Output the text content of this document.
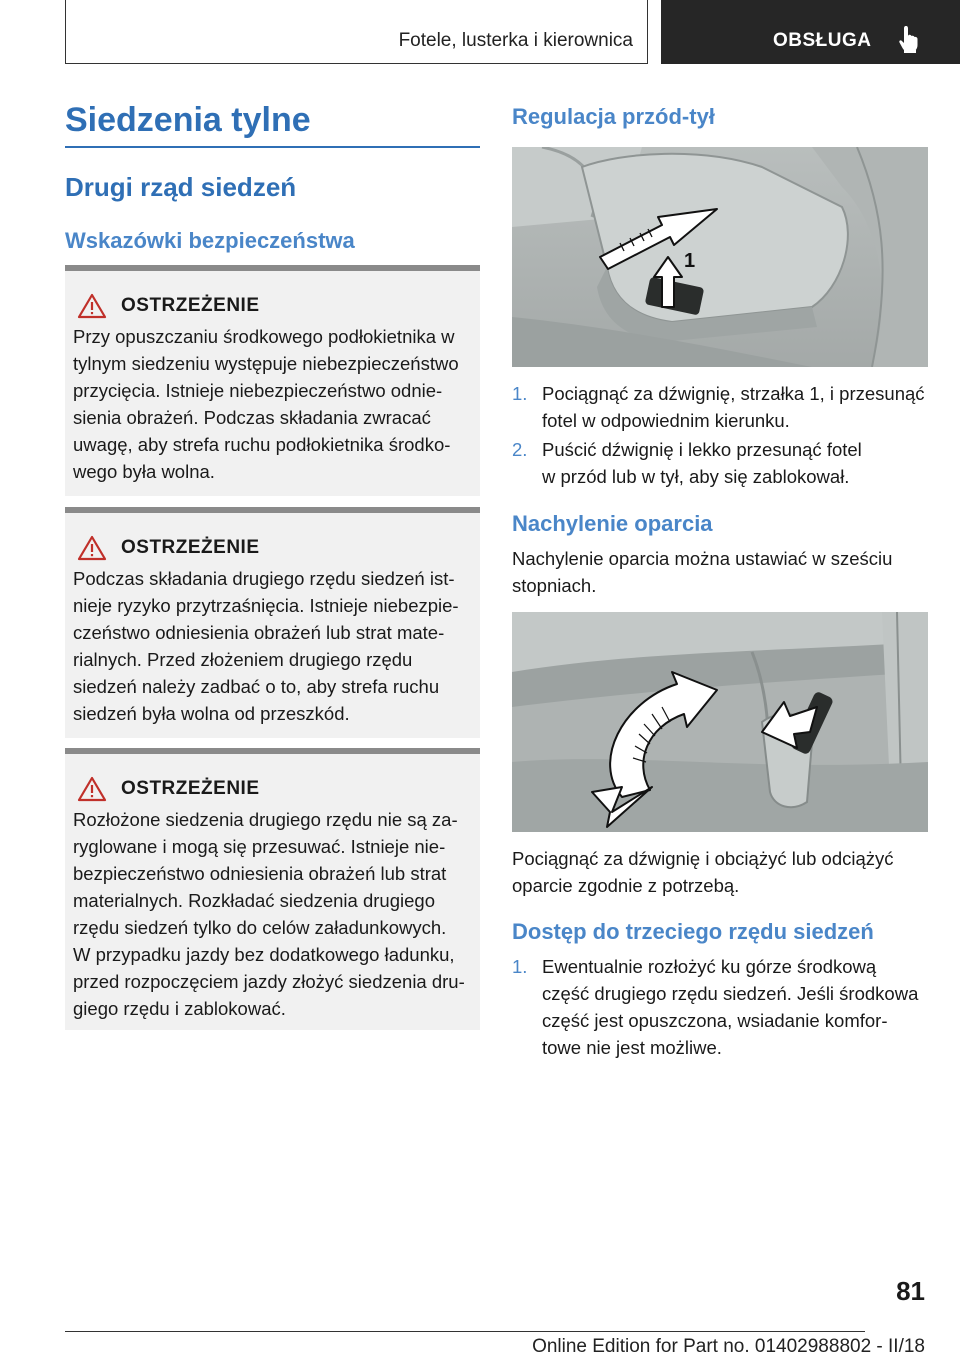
Fotele, lusterka i kierownica	OBSŁUGA
Siedzenia tylne
Drugi rząd siedzeń
Wskazówki bezpieczeństwa
OSTRZEŻENIE
Przy opuszczaniu środkowego podłokietnika w
tylnym siedzeniu występuje niebezpieczeństwo
przycięcia. Istnieje niebezpieczeństwo odnie-
sienia obrażeń. Podczas składania zwracać
uwagę, aby strefa ruchu podłokietnika środko-
wego była wolna.
OSTRZEŻENIE
Podczas składania drugiego rzędu siedzeń ist-
nieje ryzyko przytrzaśnięcia. Istnieje niebezpie-
czeństwo odniesienia obrażeń lub strat mate-
rialnych. Przed złożeniem drugiego rzędu
siedzeń należy zadbać o to, aby strefa ruchu
siedzeń była wolna od przeszkód.
OSTRZEŻENIE
Rozłożone siedzenia drugiego rzędu nie są za-
ryglowane i mogą się przesuwać. Istnieje nie-
bezpieczeństwo odniesienia obrażeń lub strat
materialnych. Rozkładać siedzenia drugiego
rzędu siedzeń tylko do celów załadunkowych.
W przypadku jazdy bez dodatkowego ładunku,
przed rozpoczęciem jazdy złożyć siedzenia dru-
giego rzędu i zablokować.
Regulacja przód-tył
1
1. Pociągnąć za dźwignię, strzałka 1, i przesunąć
fotel w odpowiednim kierunku.
2. Puścić dźwignię i lekko przesunąć fotel
w przód lub w tył, aby się zablokował.
Nachylenie oparcia
Nachylenie oparcia można ustawiać w sześciu
stopniach.
Pociągnąć za dźwignię i obciążyć lub odciążyć
oparcie zgodnie z potrzebą.
Dostęp do trzeciego rzędu siedzeń
1. Ewentualnie rozłożyć ku górze środkową
część drugiego rzędu siedzeń. Jeśli środkowa
część jest opuszczona, wsiadanie komfor-
towe nie jest możliwe.
81
Online Edition for Part no. 01402988802 - II/18
